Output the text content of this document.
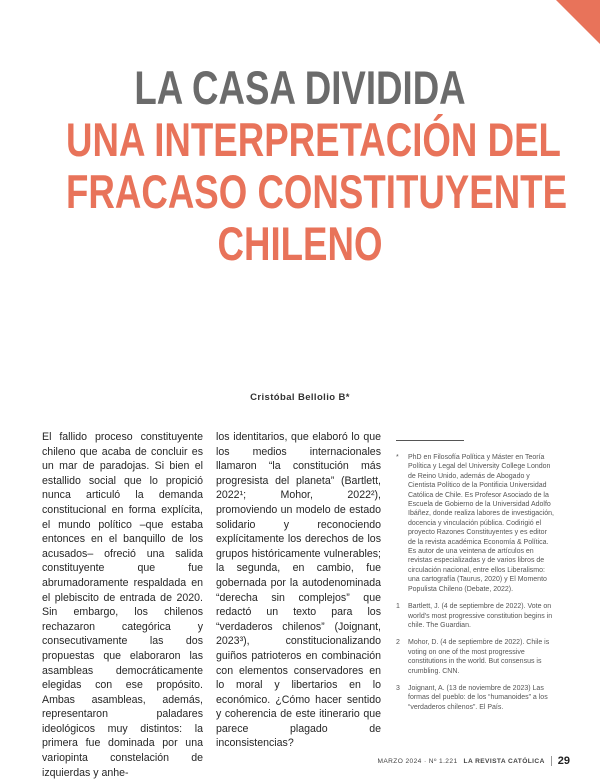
LA CASA DIVIDIDA
UNA INTERPRETACIÓN DEL
FRACASO CONSTITUYENTE
CHILENO
Cristóbal Bellolio B*
El fallido proceso constituyente chileno que acaba de concluir es un mar de paradojas. Si bien el estallido social que lo propició nunca articuló la demanda constitucional en forma explícita, el mundo político –que estaba entonces en el banquillo de los acusados– ofreció una salida constituyente que fue abrumadoramente respaldada en el plebiscito de entrada de 2020. Sin embargo, los chilenos rechazaron categórica y consecutivamente las dos propuestas que elaboraron las asambleas democráticamente elegidas con ese propósito. Ambas asambleas, además, representaron paladares ideológicos muy distintos: la primera fue dominada por una variopinta constelación de izquierdas y anhe-
los identitarios, que elaboró lo que los medios internacionales llamaron “la constitución más progresista del planeta” (Bartlett, 2022¹; Mohor, 2022²), promoviendo un modelo de estado solidario y reconociendo explícitamente los derechos de los grupos históricamente vulnerables; la segunda, en cambio, fue gobernada por la autodenominada “derecha sin complejos” que redactó un texto para los “verdaderos chilenos” (Joignant, 2023³), constitucionalizando guiños patrioteros en combinación con elementos conservadores en lo moral y libertarios en lo económico. ¿Cómo hacer sentido y coherencia de este itinerario que parece plagado de inconsistencias?
* PhD en Filosofía Política y Máster en Teoría Política y Legal del University College London de Reino Unido, además de Abogado y Cientista Político de la Pontificia Universidad Católica de Chile. Es Profesor Asociado de la Escuela de Gobierno de la Universidad Adolfo Ibáñez, donde realiza labores de investigación, docencia y vinculación pública. Codirigió el proyecto Razones Constituyentes y es editor de la revista académica Economía & Política. Es autor de una veintena de artículos en revistas especializadas y de varios libros de circulación nacional, entre ellos Liberalismo: una cartografía (Taurus, 2020) y El Momento Populista Chileno (Debate, 2022).
1 Bartlett, J. (4 de septiembre de 2022). Vote on world's most progressive constitution begins in chile. The Guardian.
2 Mohor, D. (4 de septiembre de 2022). Chile is voting on one of the most progressive constitutions in the world. But consensus is crumbling. CNN.
3 Joignant, A. (13 de noviembre de 2023) Las formas del pueblo: de los “humanoides” a los “verdaderos chilenos”. El País.
MARZO 2024 · Nº 1.221 LA REVISTA CATÓLICA 29
